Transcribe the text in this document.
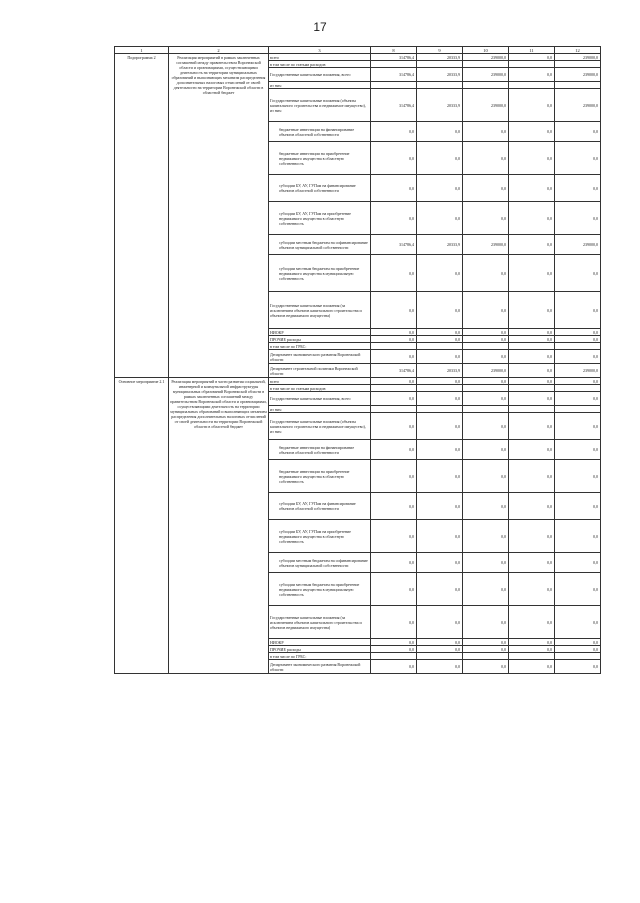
17
1	2	3	8	9	10	11	12
Подпрограмма 2	Реализация мероприятий в рамках заключенных соглашений между правительством Воронежской области и организациями, осуществляющими деятельность на территории муниципальных образований и выполняющих механизм распределения дополнительных налоговых отчислений от своей деятельности на территории Воронежской области в областной бюджет	всего	314786,4	20333,9	239000,0	0,0	239000,0
		в том числе по статьям расходов:					
		Государственные капитальные вложения, всего	314786,4	20333,9	239000,0	0,0	239000,0
		из них:					
		Государственные капитальные вложения (объекты капитального строительства и недвижимое имущество), из них:	314786,4	20333,9	239000,0	0,0	239000,0
		бюджетные инвестиции на финансирование объектов областной собственности	0,0	0,0	0,0	0,0	0,0
		бюджетные инвестиции на приобретение недвижимого имущества в областную собственность	0,0	0,0	0,0	0,0	0,0
		субсидии БУ, АУ, ГУПам на финансирование объектов областной собственности	0,0	0,0	0,0	0,0	0,0
		субсидии БУ, АУ, ГУПам на приобретение недвижимого имущества в областную собственность	0,0	0,0	0,0	0,0	0,0
		субсидии местным бюджетам на софинансирование объектов муниципальной собственности	314786,4	20333,9	239000,0	0,0	239000,0
		субсидии местным бюджетам на приобретение недвижимого имущества в муниципальную собственность	0,0	0,0	0,0	0,0	0,0
		Государственные капитальные вложения (за исключением объектов капитального строительства и объектов недвижимого имущества)	0,0	0,0	0,0	0,0	0,0
		НИОКР	0,0	0,0	0,0	0,0	0,0
		ПРОЧИЕ расходы	0,0	0,0	0,0	0,0	0,0
		в том числе по ГРБС:					
		Департамент экономического развития Воронежской области	0,0	0,0	0,0	0,0	0,0
		Департамент строительной политики Воронежской области	314786,4	20333,9	239000,0	0,0	239000,0
Основное мероприятие 2.1	Реализация мероприятий в части развития социальной, инженерной и коммунальной инфраструктуры муниципальных образований Воронежской области в рамках заключенных соглашений между правительством Воронежской области и организациями, осуществляющими деятельность на территории муниципальных образований и выполняющих механизм распределения дополнительных налоговых отчислений от своей деятельности на территории Воронежской области в областной бюджет	всего	0,0	0,0	0,0	0,0	0,0
		в том числе по статьям расходов:					
		Государственные капитальные вложения, всего	0,0	0,0	0,0	0,0	0,0
		из них:					
		Государственные капитальные вложения (объекты капитального строительства и недвижимое имущество), из них:	0,0	0,0	0,0	0,0	0,0
		бюджетные инвестиции на финансирование объектов областной собственности	0,0	0,0	0,0	0,0	0,0
		бюджетные инвестиции на приобретение недвижимого имущества в областную собственность	0,0	0,0	0,0	0,0	0,0
		субсидии БУ, АУ, ГУПам на финансирование объектов областной собственности	0,0	0,0	0,0	0,0	0,0
		субсидии БУ, АУ, ГУПам на приобретение недвижимого имущества в областную собственность	0,0	0,0	0,0	0,0	0,0
		субсидии местным бюджетам на софинансирование объектов муниципальной собственности	0,0	0,0	0,0	0,0	0,0
		субсидии местным бюджетам на приобретение недвижимого имущества в муниципальную собственность	0,0	0,0	0,0	0,0	0,0
		Государственные капитальные вложения (за исключением объектов капитального строительства и объектов недвижимого имущества)	0,0	0,0	0,0	0,0	0,0
		НИОКР	0,0	0,0	0,0	0,0	0,0
		ПРОЧИЕ расходы	0,0	0,0	0,0	0,0	0,0
		в том числе по ГРБС:					
		Департамент экономического развития Воронежской области	0,0	0,0	0,0	0,0	0,0
